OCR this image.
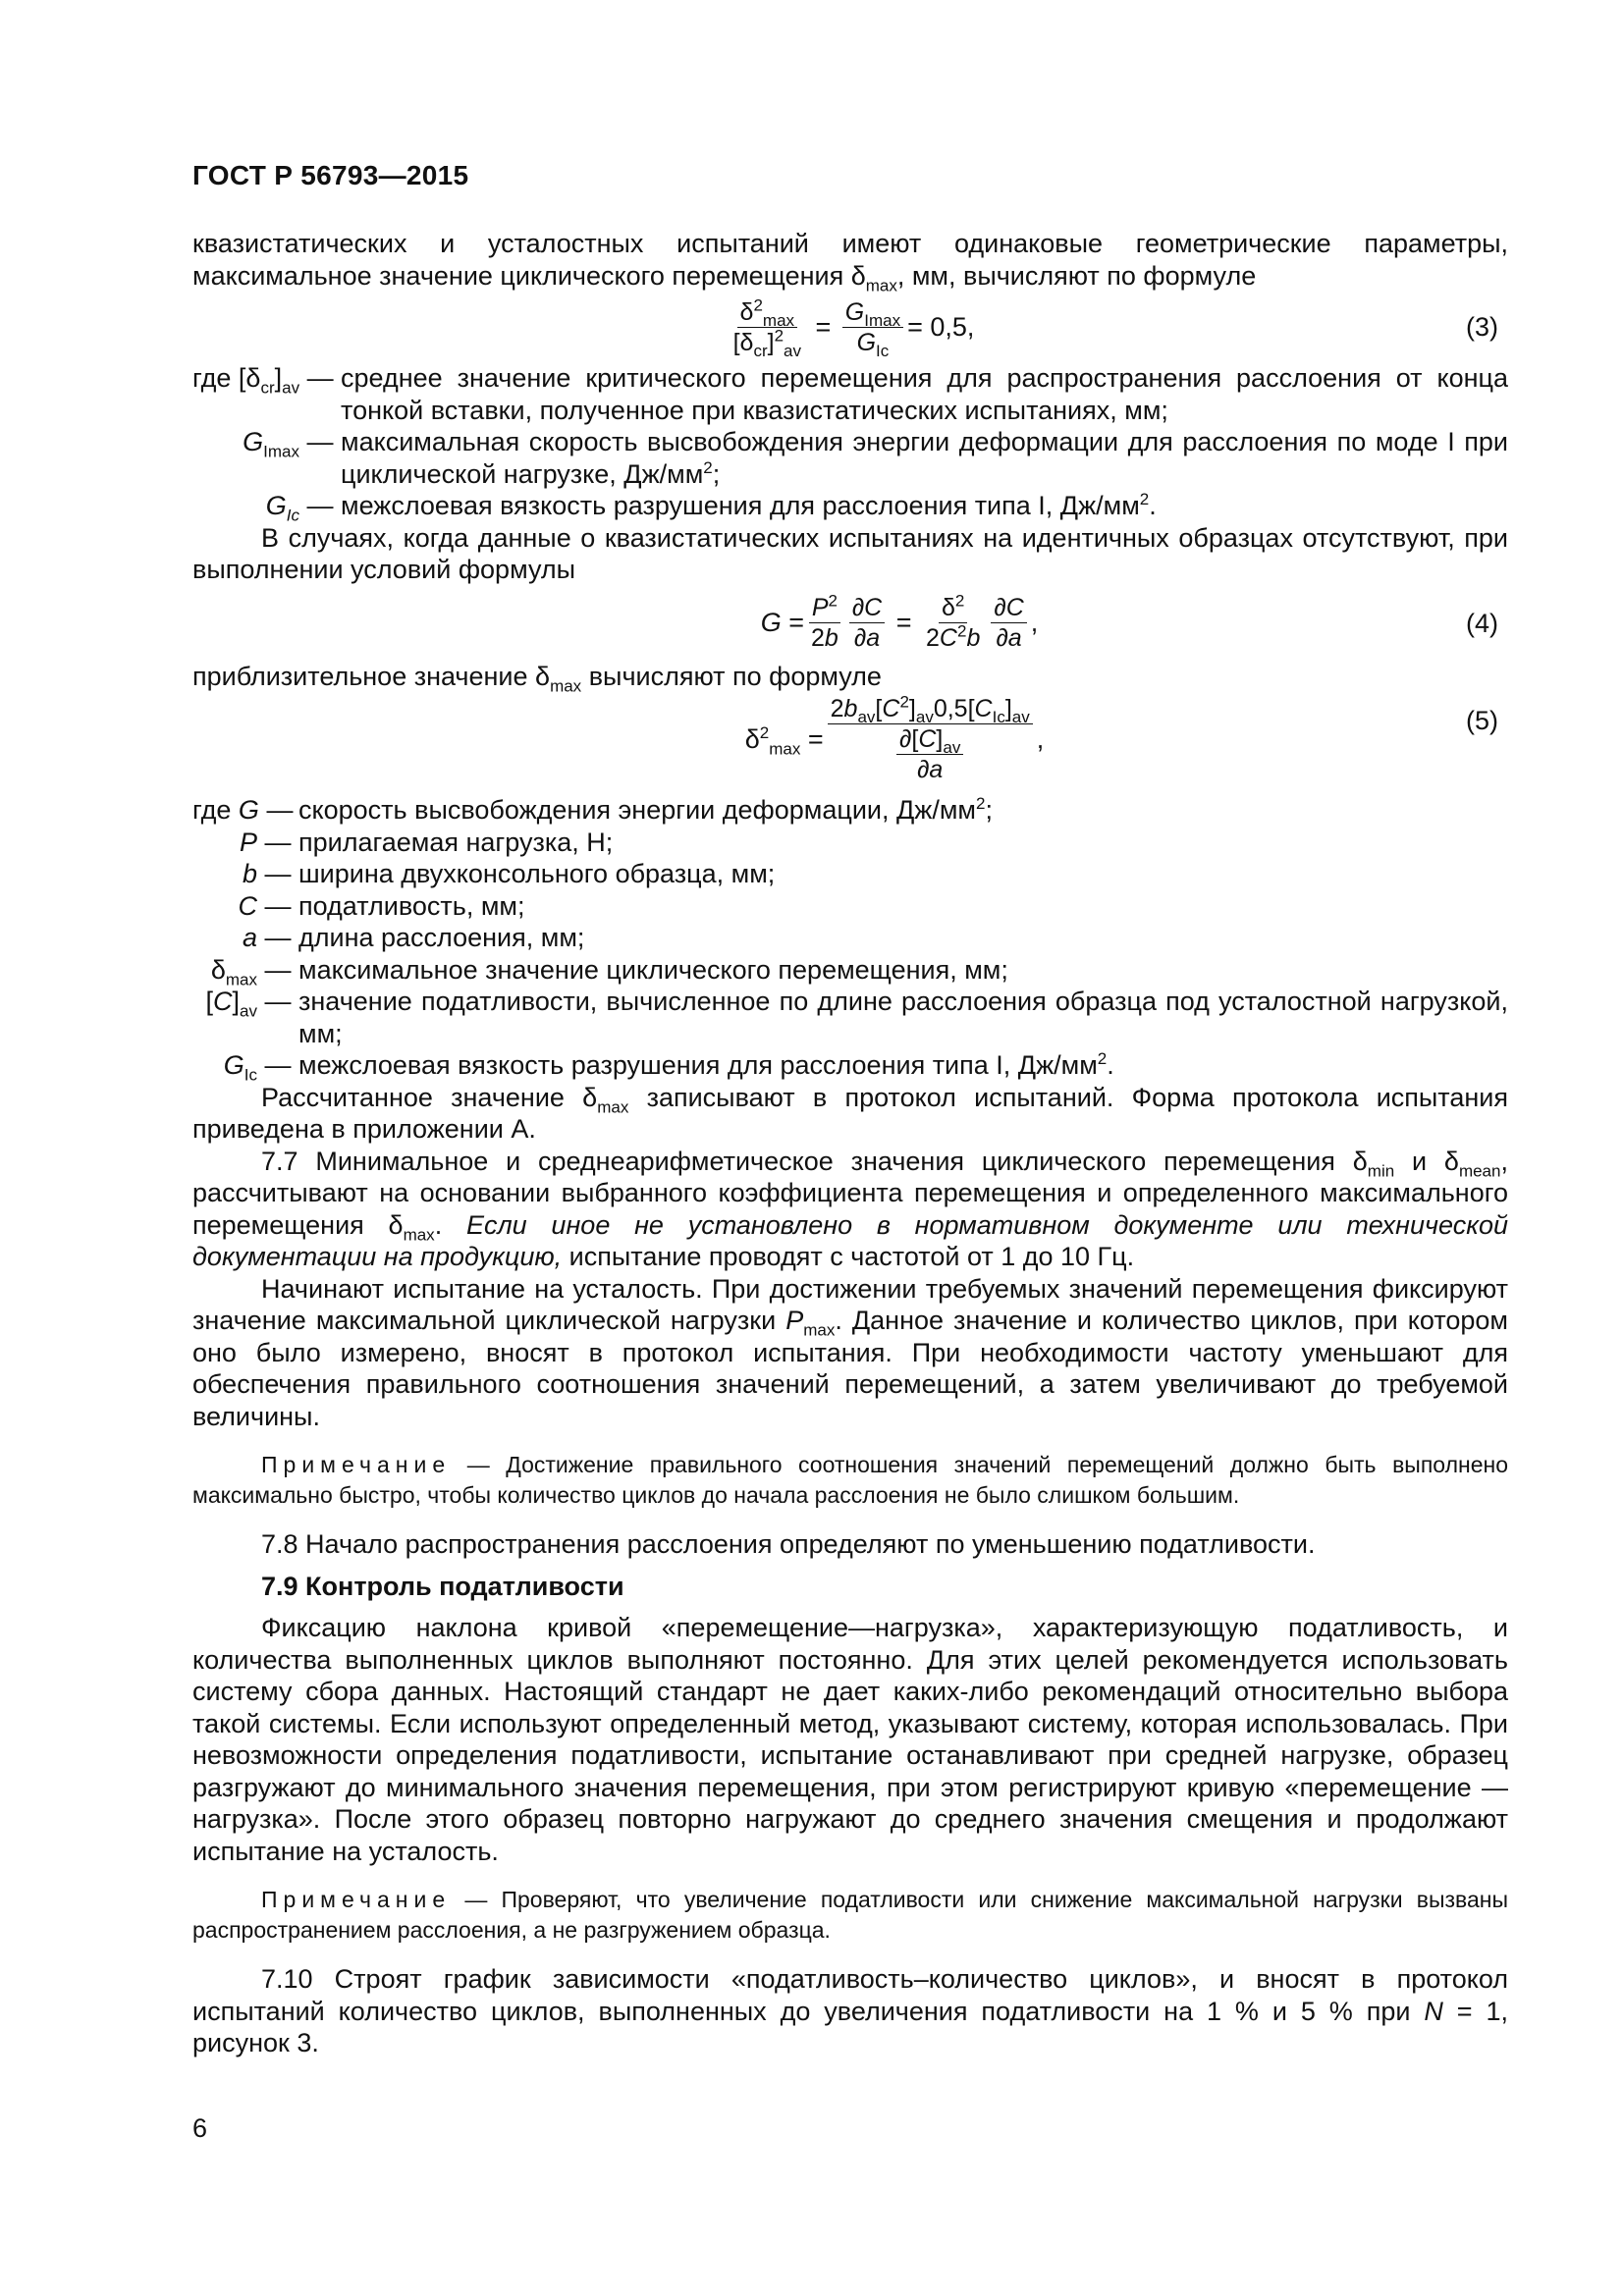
ГОСТ Р 56793—2015

квазистатических и усталостных испытаний имеют одинаковые геометрические параметры, максимальное значение циклического перемещения $\delta_{max}$, мм, вычисляют по формуле

$\frac{\delta^2_{max}}{[\delta_{cr}]^2_{av}} = \frac{G_{Imax}}{G_{Ic}} = 0,5$,	(3)
где $[\delta_{cr}]_{av}$ — среднее значение критического перемещения для распространения расслоения от конца тонкой вставки, полученное при квазистатических испытаниях, мм;
$G_{Imax}$ — максимальная скорость высвобождения энергии деформации для расслоения по моде I при циклической нагрузке, $Дж/мм^2$;
$G_{Ic}$ — межслоевая вязкость разрушения для расслоения типа I, $Дж/мм^2$.

В случаях, когда данные о квазистатических испытаниях на идентичных образцах отсутствуют, при выполнении условий формулы

$G = \frac{P^2}{2b} \frac{\partial C}{\partial a} = \frac{\delta^2}{2C^2b} \frac{\partial C}{\partial a}$ ,	(4)

приблизительное значение $\delta_{max}$ вычисляют по формуле

$\delta^2_{max} = \frac{2b_{av}[C^2]_{av}0,5[C_{Ic}]_{av}}{\frac{\partial[C]_{av}}{\partial a}}$ ,
(5)
где G —
скорость высвобождения энергии деформации, $Дж/мм^2$;
P — прилагаемая нагрузка, Н;
b — ширина двухконсольного образца, мм;
C — податливость, мм;
a — длина расслоения, мм;
$\delta_{max}$ — максимальное значение циклического перемещения, мм;
$[C]_{av}$ — значение податливости, вычисленное по длине расслоения образца под усталостной нагрузкой, мм;
$G_{Ic}$ — межслоевая вязкость разрушения для расслоения типа I, $Дж/мм^2$.

Рассчитанное значение $\delta_{max}$ записывают в протокол испытаний. Форма протокола испытания приведена в приложении А.

7.7 Минимальное и среднеарифметическое значения циклического перемещения $\delta_{min}$ и $\delta_{mean}$, рассчитывают на основании выбранного коэффициента перемещения и определенного максимального перемещения $\delta_{max}$. Если иное не установлено в нормативном документе или технической документации на продукцию, испытание проводят с частотой от 1 до 10 Гц.

Начинают испытание на усталость. При достижении требуемых значений перемещения фиксируют значение максимальной циклической нагрузки $P_{max}$. Данное значение и количество циклов, при котором оно было измерено, вносят в протокол испытания. При необходимости частоту уменьшают для обеспечения правильного соотношения значений перемещений, а затем увеличивают до требуемой величины.

Примечание — Достижение правильного соотношения значений перемещений должно быть выполнено максимально быстро, чтобы количество циклов до начала расслоения не было слишком большим.

7.8 Начало распространения расслоения определяют по уменьшению податливости.

7.9 Контроль податливости

Фиксацию наклона кривой «перемещение—нагрузка», характеризующую податливость, и количества выполненных циклов выполняют постоянно. Для этих целей рекомендуется использовать систему сбора данных. Настоящий стандарт не дает каких-либо рекомендаций относительно выбора такой системы. Если используют определенный метод, указывают систему, которая использовалась. При невозможности определения податливости, испытание останавливают при средней нагрузке, образец разгружают до минимального значения перемещения, при этом регистрируют кривую «перемещение — нагрузка». После этого образец повторно нагружают до среднего значения смещения и продолжают испытание на усталость.

Примечание — Проверяют, что увеличение податливости или снижение максимальной нагрузки вызваны распространением расслоения, а не разгружением образца.

7.10 Строят график зависимости «податливость–количество циклов», и вносят в протокол испытаний количество циклов, выполненных до увеличения податливости на 1 % и 5 % при N = 1, рисунок 3.

6
